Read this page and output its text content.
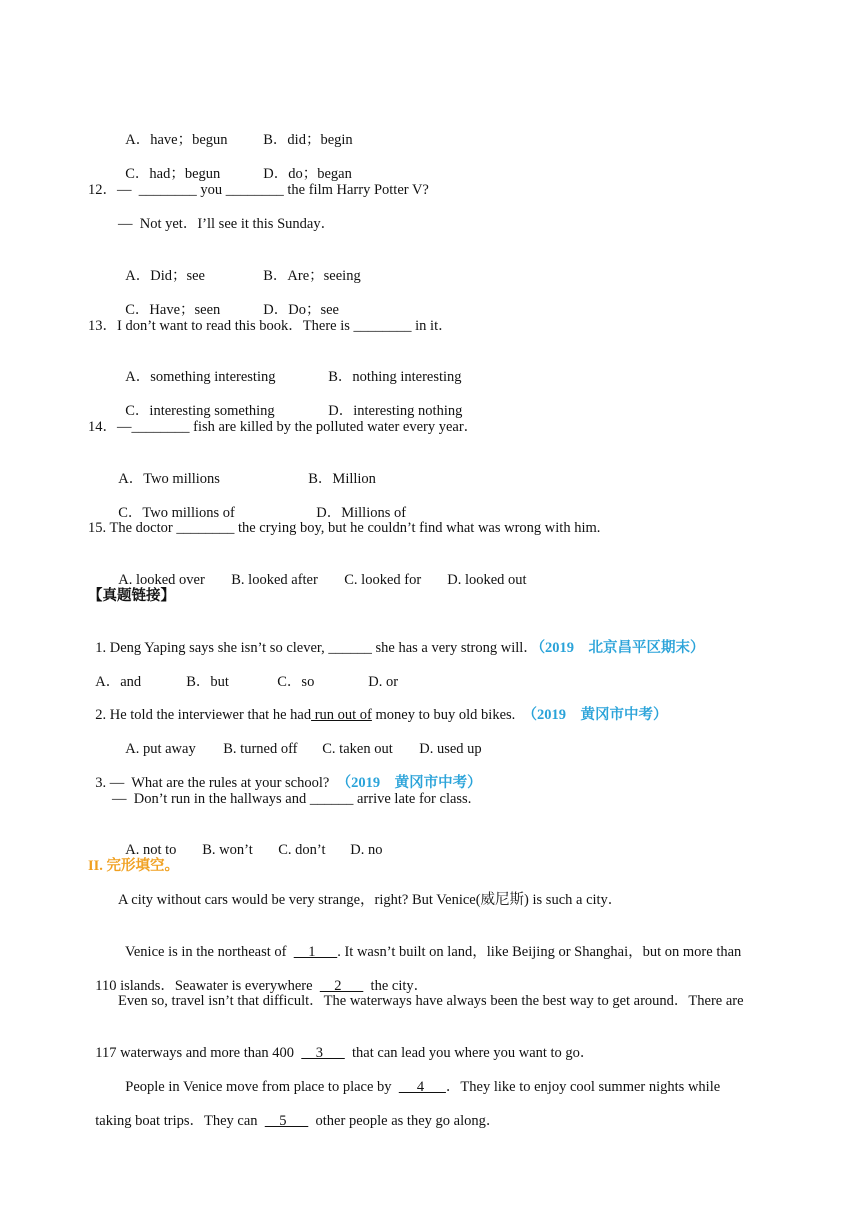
A．have；begun B．did；begin

C．had；begun	D．do；began

12．—  ________ you ________ the film Harry Potter V?
—  Not yet．I’ll see it this Sunday．

A．Did；see	B．Are；seeing

C．Have；seen	D．Do；see

13．I don’t want to read this book．There is ________ in it．

A．something interesting	B．nothing interesting

C．interesting something	D．interesting nothing

14．—________ fish are killed by the polluted water every year．

A．Two millions	B．Million

C．Two millions of	D．Millions of

15. The doctor ________ the crying boy, but he couldn’t find what was wrong with him.

A. looked over B. looked after C. looked for D. looked out

【真题链接】

1. Deng Yaping says she isn’t so clever, ______ she has a very strong will．（2019　北京昌平区期末）

A．and	B．but	C．so	D. or

2. He told the interviewer that he had run out of money to buy old bikes. （2019　黄冈市中考）

A. put away B. turned off C. taken out D. used up

3. —  What are the rules at your school? （2019　黄冈市中考）

—  Don’t run in the hallways and ______ arrive late for class.

A. not to B. won’t C. don’t D. no

II. 完形填空。
A city without cars would be very strange，right? But Venice(威尼斯) is such a city．

Venice is in the northeast of      1      . It wasn’t built on land，like Beijing or Shanghai，but on more than

110 islands．Seawater is everywhere      2        the city．

Even so, travel isn’t that difficult．The waterways have always been the best way to get around．There are

117 waterways and more than 400      3        that can lead you where you want to go．

People in Venice move from place to place by       4      ．They like to enjoy cool summer nights while

taking boat trips．They can      5        other people as they go along．
